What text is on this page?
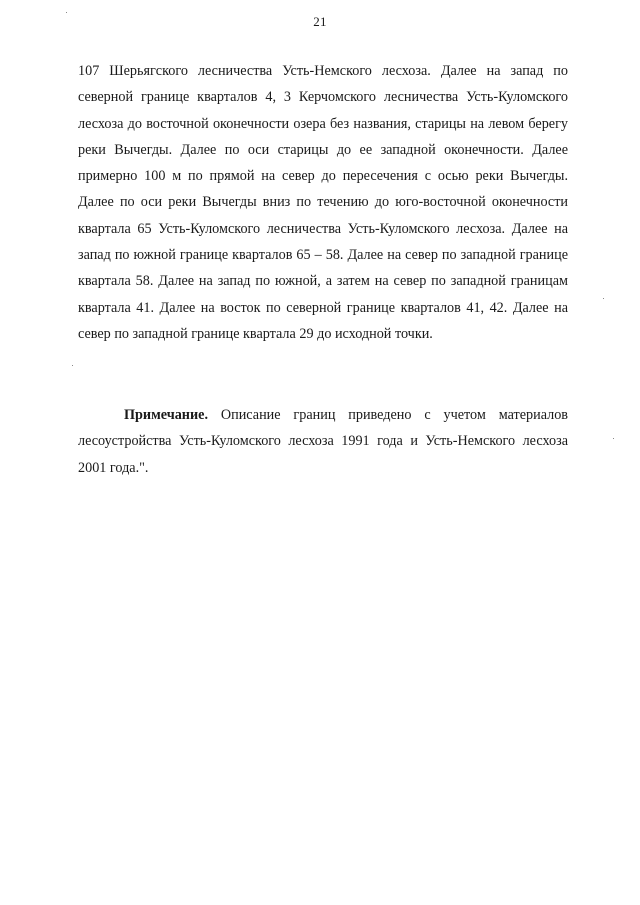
21

107 Шерьягского лесничества Усть-Немского лесхоза. Далее на запад по северной границе кварталов 4, 3 Керчомского лесничества Усть-Куломского лесхоза до восточной оконечности озера без названия, старицы на левом берегу реки Вычегды. Далее по оси старицы до ее западной оконечности. Далее примерно 100 м по прямой на север до пересечения с осью реки Вычегды. Далее по оси реки Вычегды вниз по течению до юго-восточной оконечности квартала 65 Усть-Куломского лесничества Усть-Куломского лесхоза. Далее на запад по южной границе кварталов 65 – 58. Далее на север по западной границе квартала 58. Далее на запад по южной, а затем на север по западной границам квартала 41. Далее на восток по северной границе кварталов 41, 42. Далее на север по западной границе квартала 29 до исходной точки.

Примечание. Описание границ приведено с учетом материалов лесоустройства Усть-Куломского лесхоза 1991 года и Усть-Немского лесхоза 2001 года.".
